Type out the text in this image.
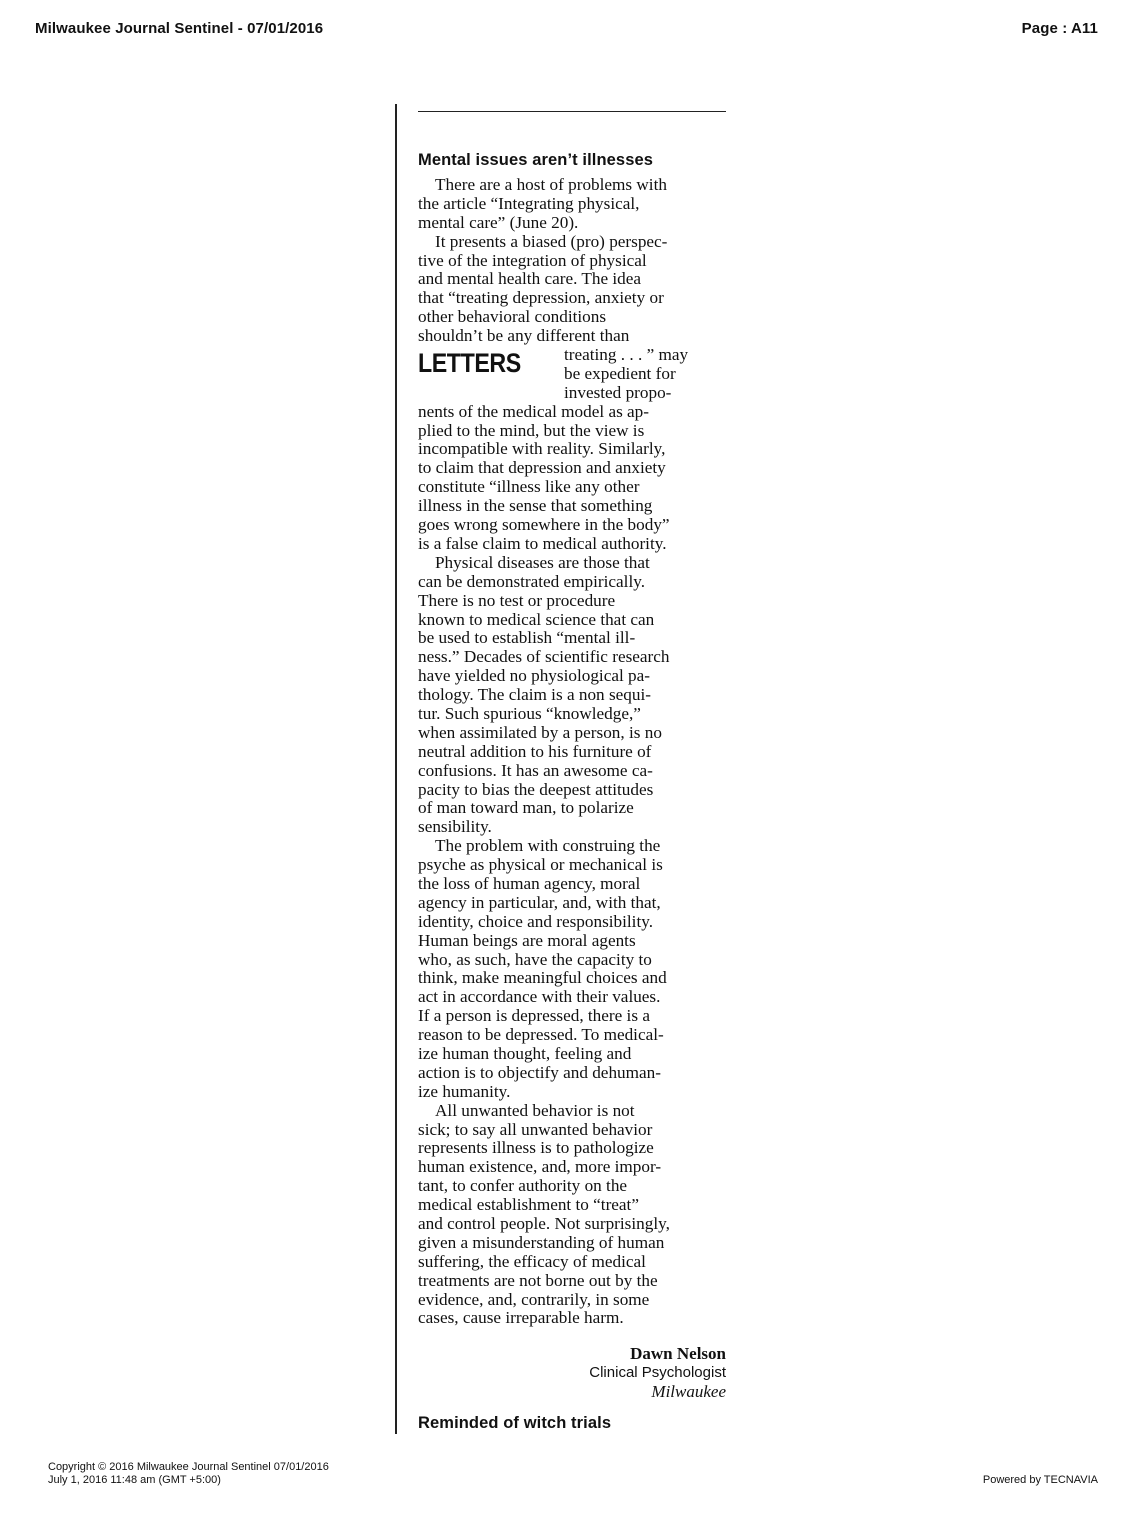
Milwaukee Journal Sentinel - 07/01/2016	Page : A11
Mental issues aren’t illnesses
There are a host of problems with
the article “Integrating physical,
mental care” (June 20).
It presents a biased (pro) perspec-
tive of the integration of physical
and mental health care. The idea
that “treating depression, anxiety or
other behavioral conditions
shouldn’t be any different than
LETTERS	treating . . . ” may
be expedient for
invested propo-
nents of the medical model as ap-
plied to the mind, but the view is
incompatible with reality. Similarly,
to claim that depression and anxiety
constitute “illness like any other
illness in the sense that something
goes wrong somewhere in the body”
is a false claim to medical authority.
Physical diseases are those that
can be demonstrated empirically.
There is no test or procedure
known to medical science that can
be used to establish “mental ill-
ness.” Decades of scientific research
have yielded no physiological pa-
thology. The claim is a non sequi-
tur. Such spurious “knowledge,”
when assimilated by a person, is no
neutral addition to his furniture of
confusions. It has an awesome ca-
pacity to bias the deepest attitudes
of man toward man, to polarize
sensibility.
The problem with construing the
psyche as physical or mechanical is
the loss of human agency, moral
agency in particular, and, with that,
identity, choice and responsibility.
Human beings are moral agents
who, as such, have the capacity to
think, make meaningful choices and
act in accordance with their values.
If a person is depressed, there is a
reason to be depressed. To medical-
ize human thought, feeling and
action is to objectify and dehuman-
ize humanity.
All unwanted behavior is not
sick; to say all unwanted behavior
represents illness is to pathologize
human existence, and, more impor-
tant, to confer authority on the
medical establishment to “treat”
and control people. Not surprisingly,
given a misunderstanding of human
suffering, the efficacy of medical
treatments are not borne out by the
evidence, and, contrarily, in some
cases, cause irreparable harm.
Dawn Nelson
Clinical Psychologist
Milwaukee
Reminded of witch trials
Copyright © 2016 Milwaukee Journal Sentinel 07/01/2016
July 1, 2016 11:48 am (GMT +5:00)	Powered by TECNAVIA
